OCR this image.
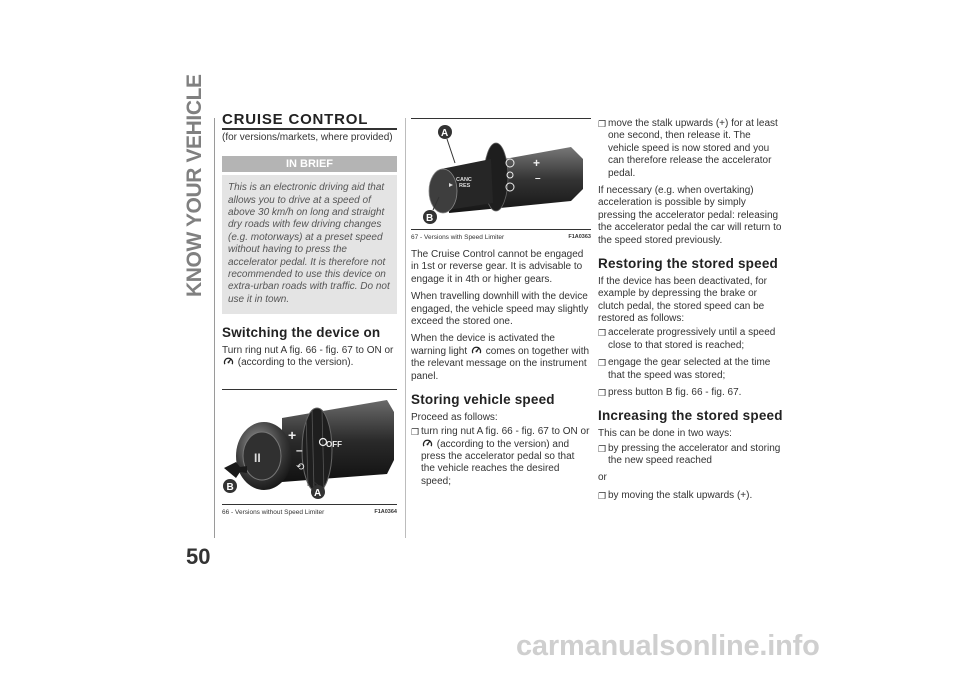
KNOW YOUR VEHICLE
50
CRUISE CONTROL

(for versions/markets, where provided)

IN BRIEF
This is an electronic driving aid that allows you to drive at a speed of above 30 km/h on long and straight dry roads with few driving changes (e.g. motorways) at a preset speed without having to press the accelerator pedal. It is therefore not recommended to use this device on extra-urban roads with traffic. Do not use it in town.
Switching the device on

Turn ring nut A fig. 66 - fig. 67 to ON or  (according to the version).

II
+
–
⟲
OFF
B
A
66 - Versions without Speed Limiter	F1A0364
CANC
RES
+
–
A
B
67 - Versions with Speed Limiter	F1A0363

The Cruise Control cannot be engaged in 1st or reverse gear. It is advisable to engage it in 4th or higher gears.

When travelling downhill with the device engaged, the vehicle speed may slightly exceed the stored one.

When the device is activated the warning light comes on together with the relevant message on the instrument panel.

Storing vehicle speed

Proceed as follows:

❐ turn ring nut A fig. 66 - fig. 67 to ON or  (according to the version) and press the accelerator pedal so that the vehicle reaches the desired speed;
❐ move the stalk upwards (+) for at least one second, then release it. The vehicle speed is now stored and you can therefore release the accelerator pedal.

If necessary (e.g. when overtaking) acceleration is possible by simply pressing the accelerator pedal: releasing the accelerator pedal the car will return to the speed stored previously.

Restoring the stored speed

If the device has been deactivated, for example by depressing the brake or clutch pedal, the stored speed can be restored as follows:

❐ accelerate progressively until a speed close to that stored is reached;
❐ engage the gear selected at the time that the speed was stored;
❐ press button B fig. 66 - fig. 67.
Increasing the stored speed

This can be done in two ways:

❐ by pressing the accelerator and storing the new speed reached

or

❐ by moving the stalk upwards (+).
carmanualsonline.info
